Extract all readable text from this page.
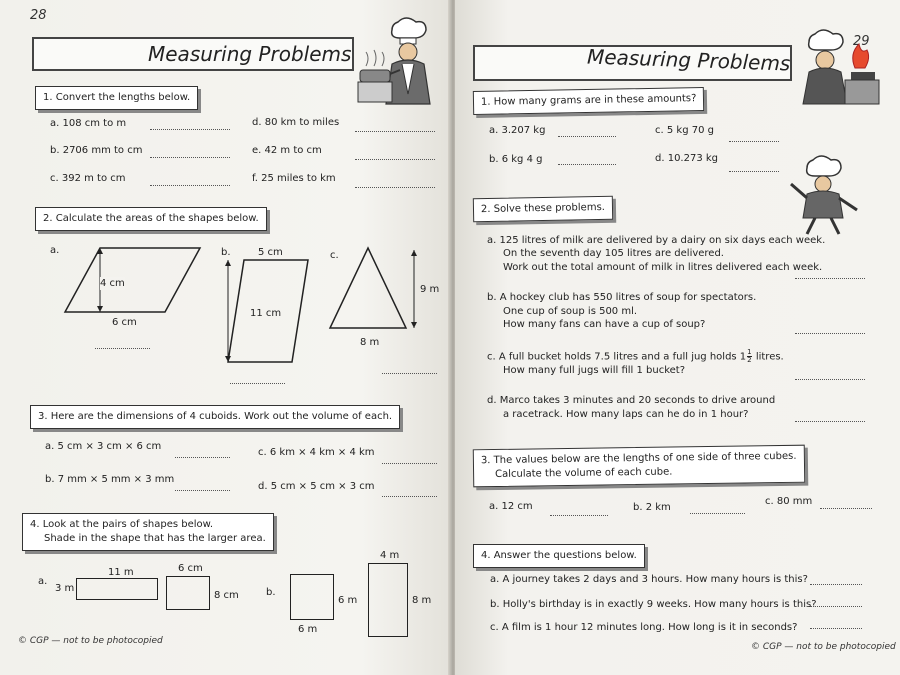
28
Measuring Problems
1. Convert the lengths below.
a. 108 cm to m
b. 2706 mm to cm
c. 392 m to cm
d. 80 km to miles
e. 42 m to cm
f. 25 miles to km
2. Calculate the areas of the shapes below.
a.
4 cm
6 cm
b.	5 cm
11 cm
c.
9 m
8 m
3. Here are the dimensions of 4 cuboids. Work out the volume of each.
a. 5 cm × 3 cm × 6 cm
c. 6 km × 4 km × 4 km
b. 7 mm × 5 mm × 3 mm
d. 5 cm × 5 cm × 3 cm
4. Look at the pairs of shapes below.
Shade in the shape that has the larger area.
a.
3 m
11 m	6 cm
8 cm	b.
6 m
6 m
4 m
8 m
© CGP — not to be photocopied
29
Measuring Problems
1. How many grams are in these amounts?
a. 3.207 kg	c. 5 kg 70 g
b. 6 kg 4 g	d. 10.273 kg
2. Solve these problems.
a. 125 litres of milk are delivered by a dairy on six days each week.
On the seventh day 105 litres are delivered.
Work out the total amount of milk in litres delivered each week.
b. A hockey club has 550 litres of soup for spectators.
One cup of soup is 500 ml.
How many fans can have a cup of soup?
c. A full bucket holds 7.5 litres and a full jug holds $1 \frac{1}{2}$ litres.
How many full jugs will fill 1 bucket?
d. Marco takes 3 minutes and 20 seconds to drive around
a racetrack. How many laps can he do in 1 hour?
3. The values below are the lengths of one side of three cubes.
Calculate the volume of each cube.
a. 12 cm	b. 2 km
c. 80 mm
4. Answer the questions below.
a. A journey takes 2 days and 3 hours. How many hours is this?
b. Holly's birthday is in exactly 9 weeks. How many hours is this?
c. A film is 1 hour 12 minutes long. How long is it in seconds?
© CGP — not to be photocopied
